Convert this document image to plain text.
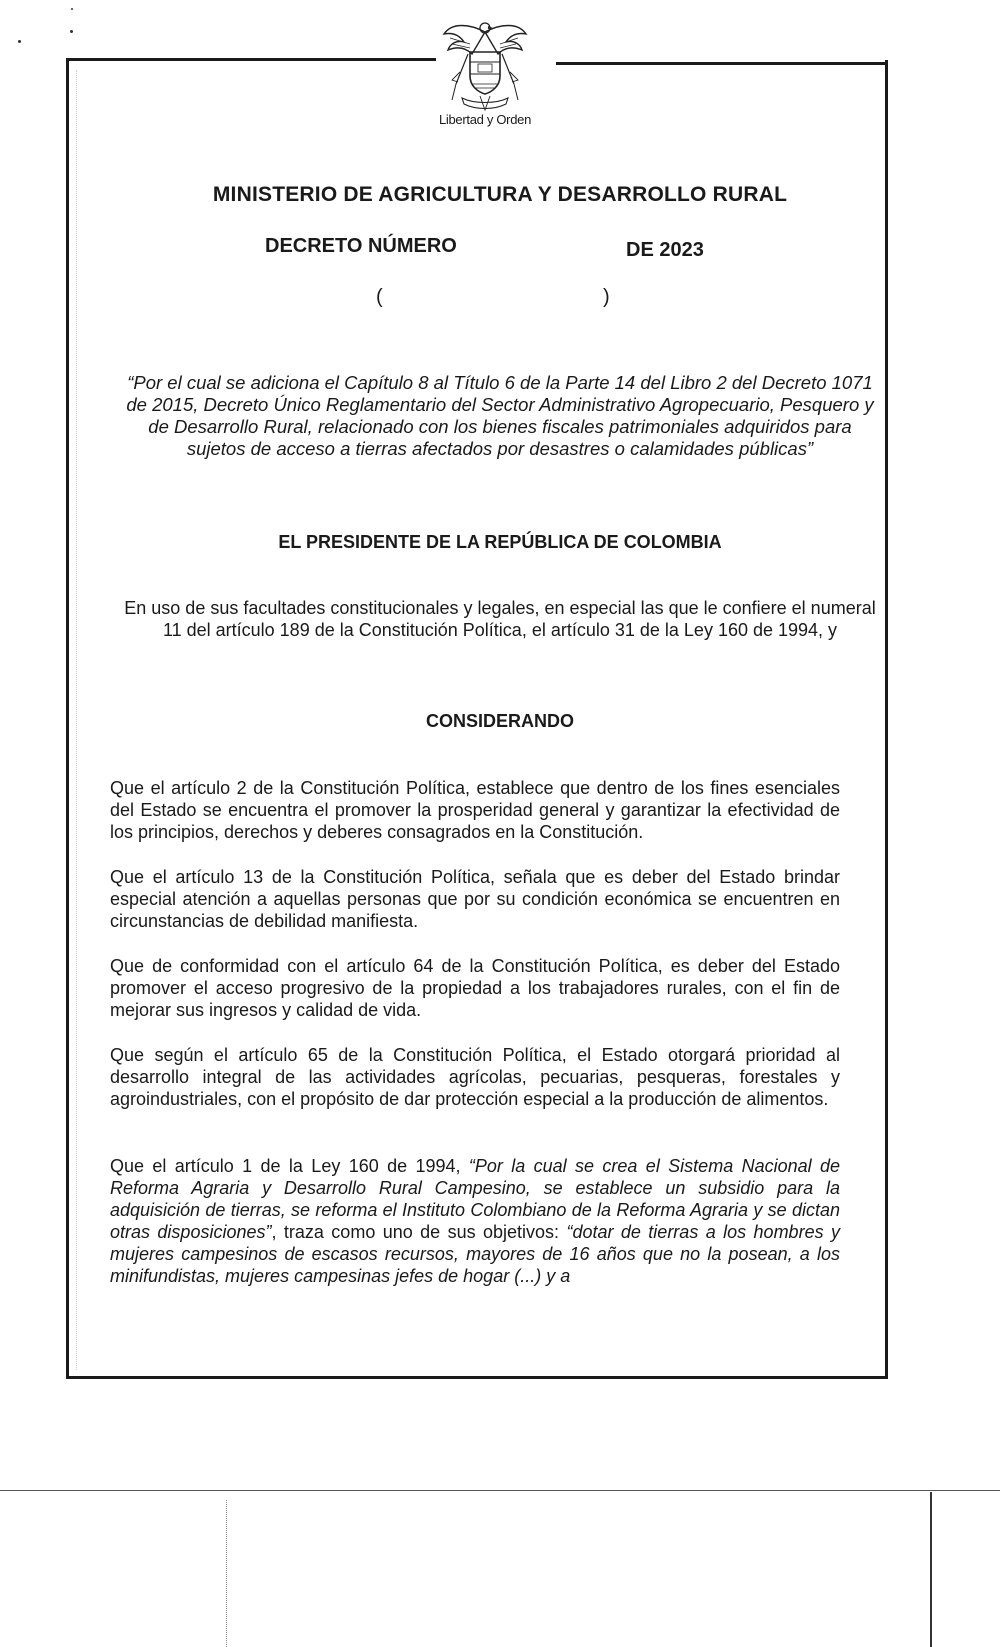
Libertad y Orden
MINISTERIO DE AGRICULTURA Y DESARROLLO RURAL
DECRETO NÚMERO	DE 2023
(	)
“Por el cual se adiciona el Capítulo 8 al Título 6 de la Parte 14 del Libro 2 del Decreto 1071 de 2015, Decreto Único Reglamentario del Sector Administrativo Agropecuario, Pesquero y de Desarrollo Rural, relacionado con los bienes fiscales patrimoniales adquiridos para sujetos de acceso a tierras afectados por desastres o calamidades públicas”
EL PRESIDENTE DE LA REPÚBLICA DE COLOMBIA
En uso de sus facultades constitucionales y legales, en especial las que le confiere el numeral 11 del artículo 189 de la Constitución Política, el artículo 31 de la Ley 160 de 1994, y
CONSIDERANDO
Que el artículo 2 de la Constitución Política, establece que dentro de los fines esenciales del Estado se encuentra el promover la prosperidad general y garantizar la efectividad de los principios, derechos y deberes consagrados en la Constitución.
Que el artículo 13 de la Constitución Política, señala que es deber del Estado brindar especial atención a aquellas personas que por su condición económica se encuentren en circunstancias de debilidad manifiesta.
Que de conformidad con el artículo 64 de la Constitución Política, es deber del Estado promover el acceso progresivo de la propiedad a los trabajadores rurales, con el fin de mejorar sus ingresos y calidad de vida.
Que según el artículo 65 de la Constitución Política, el Estado otorgará prioridad al desarrollo integral de las actividades agrícolas, pecuarias, pesqueras, forestales y agroindustriales, con el propósito de dar protección especial a la producción de alimentos.
Que el artículo 1 de la Ley 160 de 1994, “Por la cual se crea el Sistema Nacional de Reforma Agraria y Desarrollo Rural Campesino, se establece un subsidio para la adquisición de tierras, se reforma el Instituto Colombiano de la Reforma Agraria y se dictan otras disposiciones”, traza como uno de sus objetivos: “dotar de tierras a los hombres y mujeres campesinos de escasos recursos, mayores de 16 años que no la posean, a los minifundistas, mujeres campesinas jefes de hogar (...) y a
